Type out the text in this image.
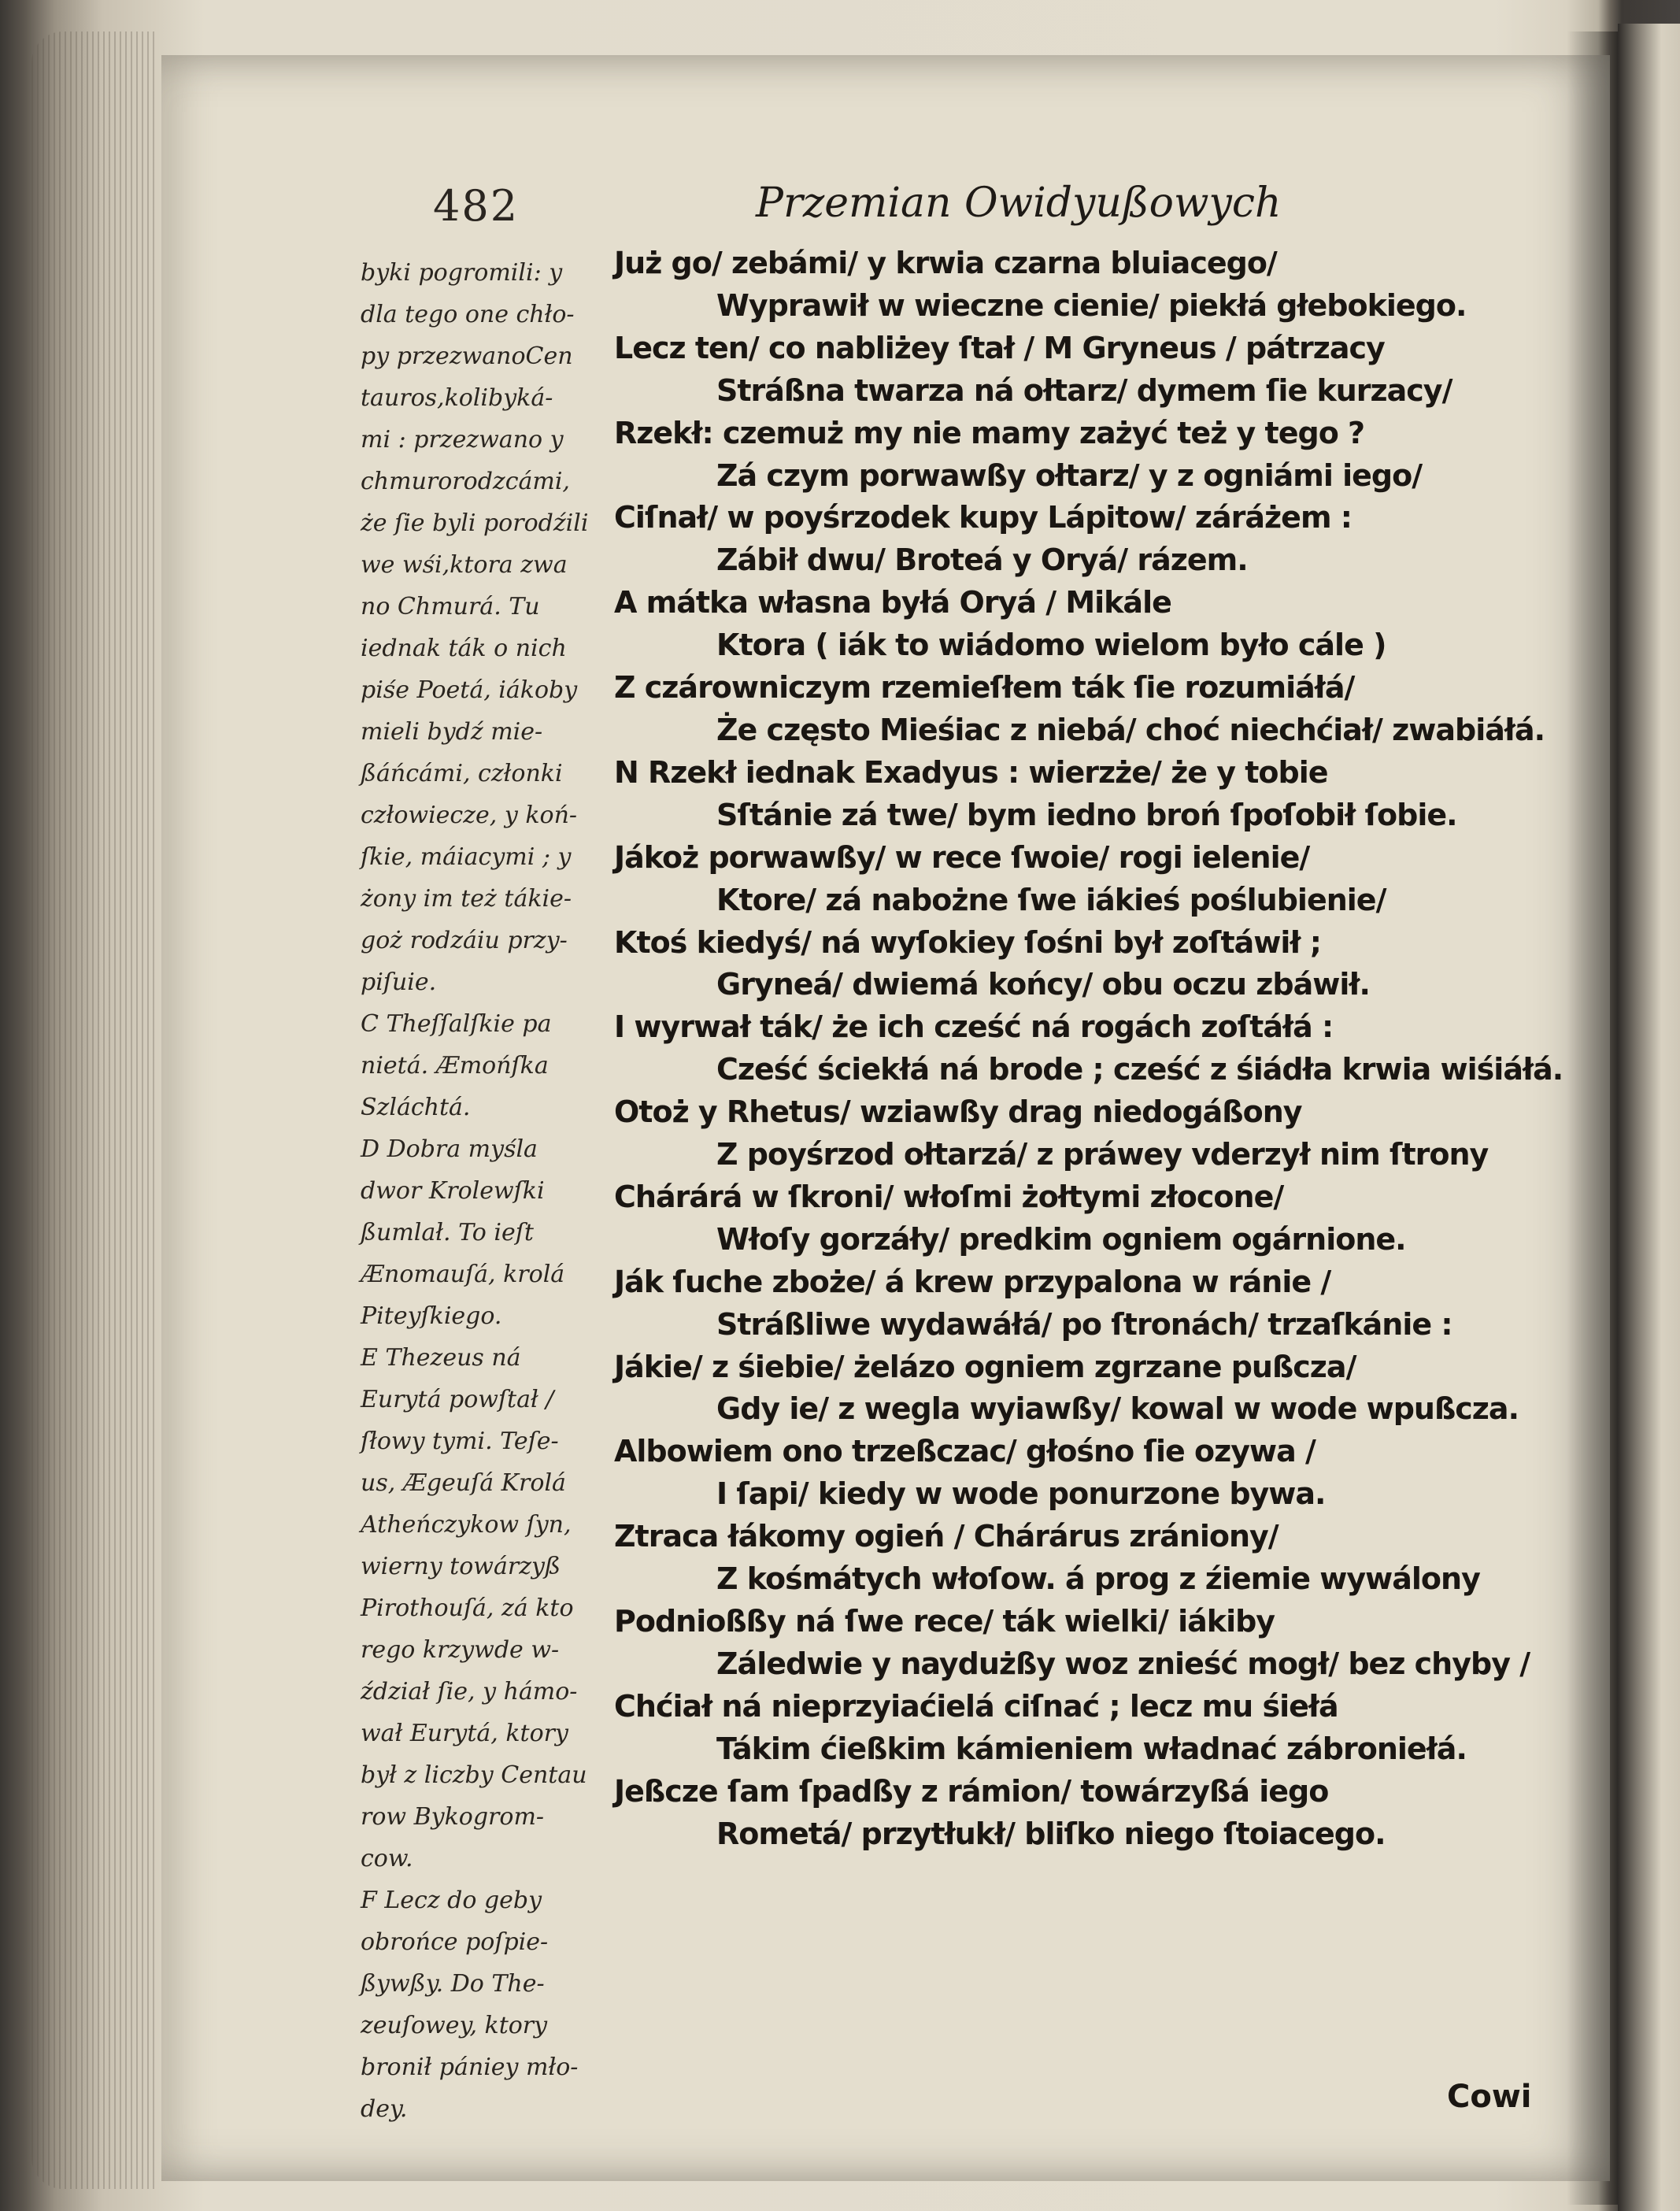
482	Przemian Owidyußowych
byki pogromili: y
dla tego one chło-
py przezwanoCen
tauros,kolibyká-
mi : przezwano y
chmurorodzcámi,
że ſie byli porodźili
we wśi,ktora zwa
no Chmurá. Tu
iednak ták o nich
piśe Poetá, iákoby
mieli bydź mie-
ßáńcámi, członki
człowiecze, y koń-
ſkie, máiacymi ; y
żony im też tákie-
goż rodzáiu przy-
piſuie.
C Theſſalſkie pa
nietá. Æmońſka
Szláchtá.
D Dobra myśla
dwor Krolewſki
ßumlał. To ieſt
Ænomauſá, krolá
Piteyſkiego.
E Thezeus ná
Eurytá powſtał /
ſłowy tymi. Teſe-
us, Ægeuſá Krolá
Atheńczykow ſyn,
wierny towárzyß
Pirothouſá, zá kto
rego krzywde w-
ździał ſie, y hámo-
wał Eurytá, ktory
był z liczby Centau
row Bykogrom-
cow.
F Lecz do geby
obrońce poſpie-
ßywßy. Do The-
zeuſowey, ktory
bronił pániey mło-
dey.
Już go/ zebámi/ y krwia czarna bluiacego/
Wyprawił w wieczne cienie/ piekłá głebokiego.
Lecz ten/ co nabliżey ſtał / M Gryneus / pátrzacy
Stráßna twarza ná ołtarz/ dymem ſie kurzacy/
Rzekł: czemuż my nie mamy zażyć też y tego ?
Zá czym porwawßy ołtarz/ y z ogniámi iego/
Ciſnał/ w poyśrzodek kupy Lápitow/ záráżem :
Zábił dwu/ Broteá y Oryá/ rázem.
A mátka własna byłá Oryá / Mikále
Ktora ( iák to wiádomo wielom było cále )
Z czárowniczym rzemieſłem ták ſie rozumiáłá/
Że często Mieśiac z niebá/ choć niechćiał/ zwabiáłá.
N Rzekł iednak Exadyus : wierzże/ że y tobie
Sſtánie zá twe/ bym iedno broń ſpoſobił ſobie.
Jákoż porwawßy/ w rece ſwoie/ rogi ielenie/
Ktore/ zá nabożne ſwe iákieś poślubienie/
Ktoś kiedyś/ ná wyſokiey ſośni był zoſtáwił ;
Gryneá/ dwiemá końcy/ obu oczu zbáwił.
I wyrwał ták/ że ich cześć ná rogách zoſtáłá :
Cześć ściekłá ná brode ; cześć z śiádła krwia wiśiáłá.
Otoż y Rhetus/ wziawßy drag niedogáßony
Z poyśrzod ołtarzá/ z práwey vderzył nim ſtrony
Chárárá w ſkroni/ włoſmi żołtymi złocone/
Włoſy gorzáły/ predkim ogniem ogárnione.
Ják ſuche zboże/ á krew przypalona w ránie /
Stráßliwe wydawáłá/ po ſtronách/ trzaſkánie :
Jákie/ z śiebie/ żelázo ogniem zgrzane pußcza/
Gdy ie/ z wegla wyiawßy/ kowal w wode wpußcza.
Albowiem ono trzeßczac/ głośno ſie ozywa /
I ſapi/ kiedy w wode ponurzone bywa.
Ztraca łákomy ogień / Chárárus zrániony/
Z kośmátych włoſow. á prog z źiemie wywálony
Podnioßßy ná ſwe rece/ ták wielki/ iákiby
Záledwie y naydużßy woz znieść mogł/ bez chyby /
Chćiał ná nieprzyiaćielá ciſnać ; lecz mu śiełá
Tákim ćießkim kámieniem władnać zábroniełá.
Jeßcze ſam ſpadßy z rámion/ towárzyßá iego
Rometá/ przytłukł/ bliſko niego ſtoiacego.
Cowi
